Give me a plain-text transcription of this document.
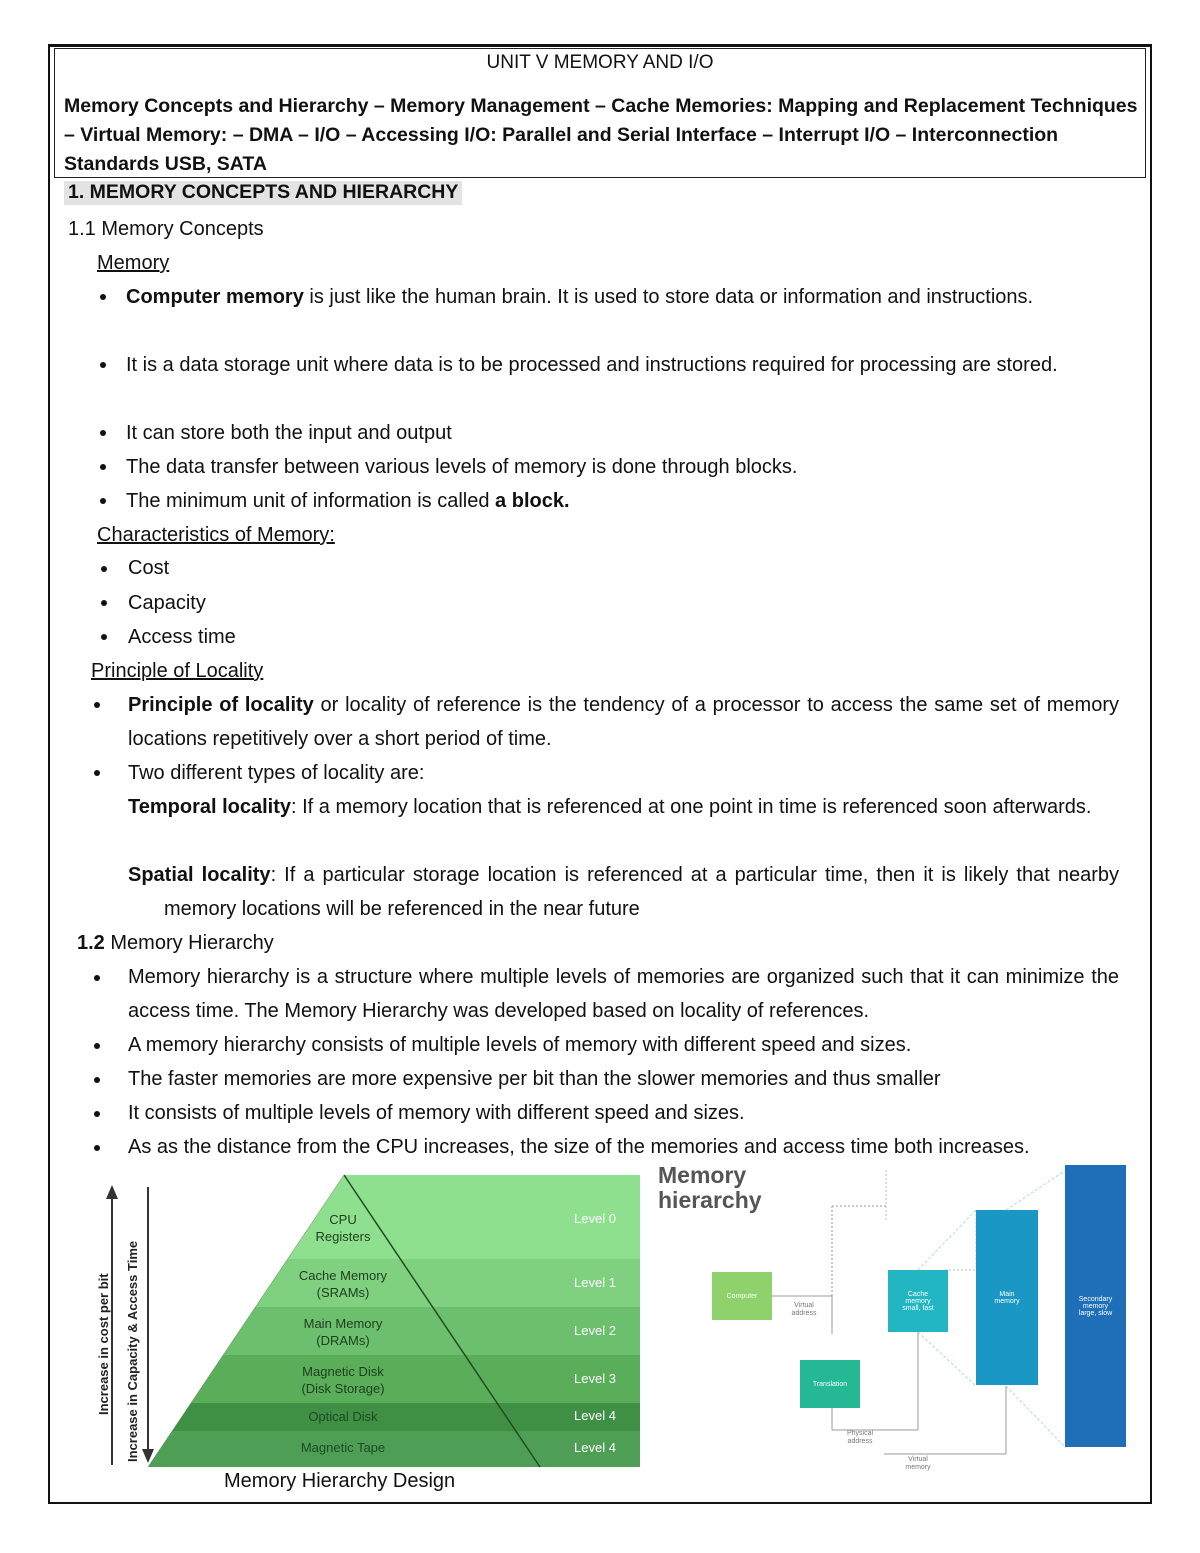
UNIT V MEMORY AND I/O
Memory Concepts and Hierarchy – Memory Management – Cache Memories: Mapping and Replacement Techniques – Virtual Memory: – DMA – I/O – Accessing I/O: Parallel and Serial Interface – Interrupt I/O – Interconnection Standards USB, SATA
1. MEMORY CONCEPTS AND HIERARCHY
1.1 Memory Concepts
Memory
Computer memory is just like the human brain. It is used to store data or information and instructions.
It is a data storage unit where data is to be processed and instructions required for processing are stored.
It can store both the input and output
The data transfer between various levels of memory is done through blocks.
The minimum unit of information is called a block.
Characteristics of Memory:
Cost
Capacity
Access time
Principle of Locality
Principle of locality or locality of reference is the tendency of a processor to access the same set of memory locations repetitively over a short period of time.
Two different types of locality are:
Temporal locality: If a memory location that is referenced at one point in time is referenced soon afterwards.
Spatial locality: If a particular storage location is referenced at a particular time, then it is likely that nearby memory locations will be referenced in the near future
1.2 Memory Hierarchy
Memory hierarchy is a structure where multiple levels of memories are organized such that it can minimize the access time. The Memory Hierarchy was developed based on locality of references.
A memory hierarchy consists of multiple levels of memory with different speed and sizes.
The faster memories are more expensive per bit than the slower memories and thus smaller
It consists of multiple levels of memory with different speed and sizes.
As as the distance from the CPU increases, the size of the memories and access time both increases.
Increase in cost per bit Increase in Capacity & Access Time
CPU
Registers
Cache Memory
(SRAMs)
Main Memory
(DRAMs)
Magnetic Disk
(Disk Storage)
Optical Disk
Magnetic Tape
Level 0
Level 1
Level 2
Level 3
Level 4
Level 4
Memory Hierarchy Design
Memory
hierarchy
Computer
Translation
Cache
memory
small, fast
Main
memory	Secondary
memory
large, slow
Virtual
address
Physical
address
Virtual
memory
